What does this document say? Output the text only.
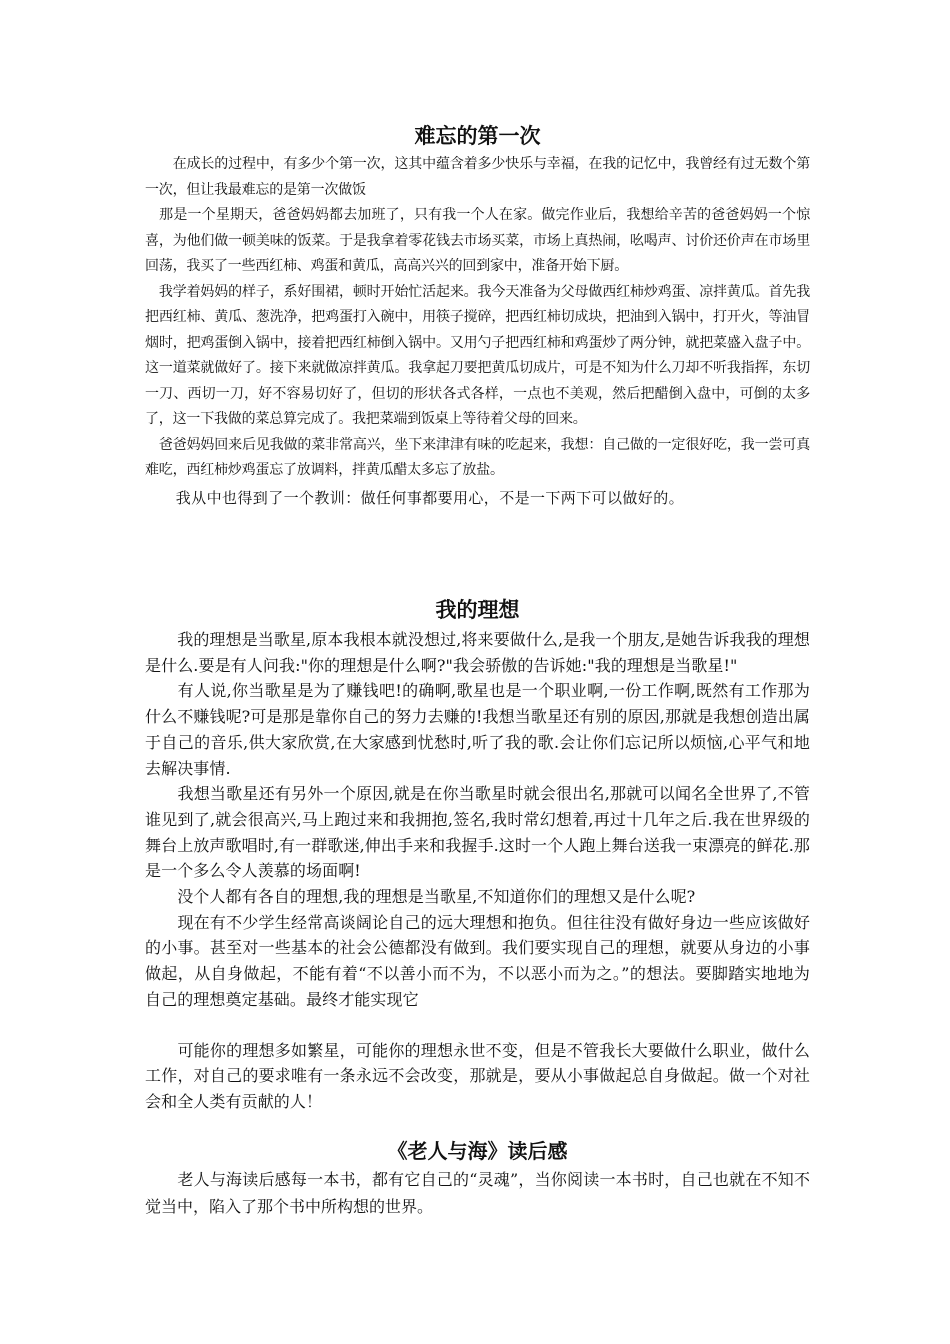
难忘的第一次

　　在成长的过程中，有多少个第一次，这其中蕴含着多少快乐与幸福，在我的记忆中，我曾经有过无数个第一次，但让我最难忘的是第一次做饭

　那是一个星期天，爸爸妈妈都去加班了，只有我一个人在家。做完作业后，我想给辛苦的爸爸妈妈一个惊喜，为他们做一顿美味的饭菜。于是我拿着零花钱去市场买菜，市场上真热闹，吆喝声、讨价还价声在市场里回荡，我买了一些西红柿、鸡蛋和黄瓜，高高兴兴的回到家中，准备开始下厨。

　我学着妈妈的样子，系好围裙，顿时开始忙活起来。我今天准备为父母做西红柿炒鸡蛋、凉拌黄瓜。首先我把西红柿、黄瓜、葱洗净，把鸡蛋打入碗中，用筷子搅碎，把西红柿切成块，把油到入锅中，打开火，等油冒烟时，把鸡蛋倒入锅中，接着把西红柿倒入锅中。又用勺子把西红柿和鸡蛋炒了两分钟，就把菜盛入盘子中。这一道菜就做好了。接下来就做凉拌黄瓜。我拿起刀要把黄瓜切成片，可是不知为什么刀却不听我指挥，东切一刀、西切一刀，好不容易切好了，但切的形状各式各样，一点也不美观，然后把醋倒入盘中，可倒的太多了，这一下我做的菜总算完成了。我把菜端到饭桌上等待着父母的回来。

　爸爸妈妈回来后见我做的菜非常高兴，坐下来津津有味的吃起来，我想：自己做的一定很好吃，我一尝可真难吃，西红柿炒鸡蛋忘了放调料，拌黄瓜醋太多忘了放盐。

　　我从中也得到了一个教训：做任何事都要用心，不是一下两下可以做好的。

我的理想

　　我的理想是当歌星,原本我根本就没想过,将来要做什么,是我一个朋友,是她告诉我我的理想是什么.要是有人问我:"你的理想是什么啊?"我会骄傲的告诉她:"我的理想是当歌星!"

　　有人说,你当歌星是为了赚钱吧!的确啊,歌星也是一个职业啊,一份工作啊,既然有工作那为什么不赚钱呢?可是那是靠你自己的努力去赚的!我想当歌星还有别的原因,那就是我想创造出属于自己的音乐,供大家欣赏,在大家感到忧愁时,听了我的歌.会让你们忘记所以烦恼,心平气和地去解决事情.

　　我想当歌星还有另外一个原因,就是在你当歌星时就会很出名,那就可以闻名全世界了,不管谁见到了,就会很高兴,马上跑过来和我拥抱,签名,我时常幻想着,再过十几年之后.我在世界级的舞台上放声歌唱时,有一群歌迷,伸出手来和我握手.这时一个人跑上舞台送我一束漂亮的鲜花.那是一个多么令人羡慕的场面啊!

　　没个人都有各自的理想,我的理想是当歌星,不知道你们的理想又是什么呢?

　　现在有不少学生经常高谈阔论自己的远大理想和抱负。但往往没有做好身边一些应该做好的小事。甚至对一些基本的社会公德都没有做到。我们要实现自己的理想，就要从身边的小事做起，从自身做起，不能有着“不以善小而不为，不以恶小而为之。”的想法。要脚踏实地地为自己的理想奠定基础。最终才能实现它

　　可能你的理想多如繁星，可能你的理想永世不变，但是不管我长大要做什么职业，做什么工作，对自己的要求唯有一条永远不会改变，那就是，要从小事做起总自身做起。做一个对社会和全人类有贡献的人！

《老人与海》读后感

　　老人与海读后感每一本书，都有它自己的“灵魂”，当你阅读一本书时，自己也就在不知不觉当中，陷入了那个书中所构想的世界。
